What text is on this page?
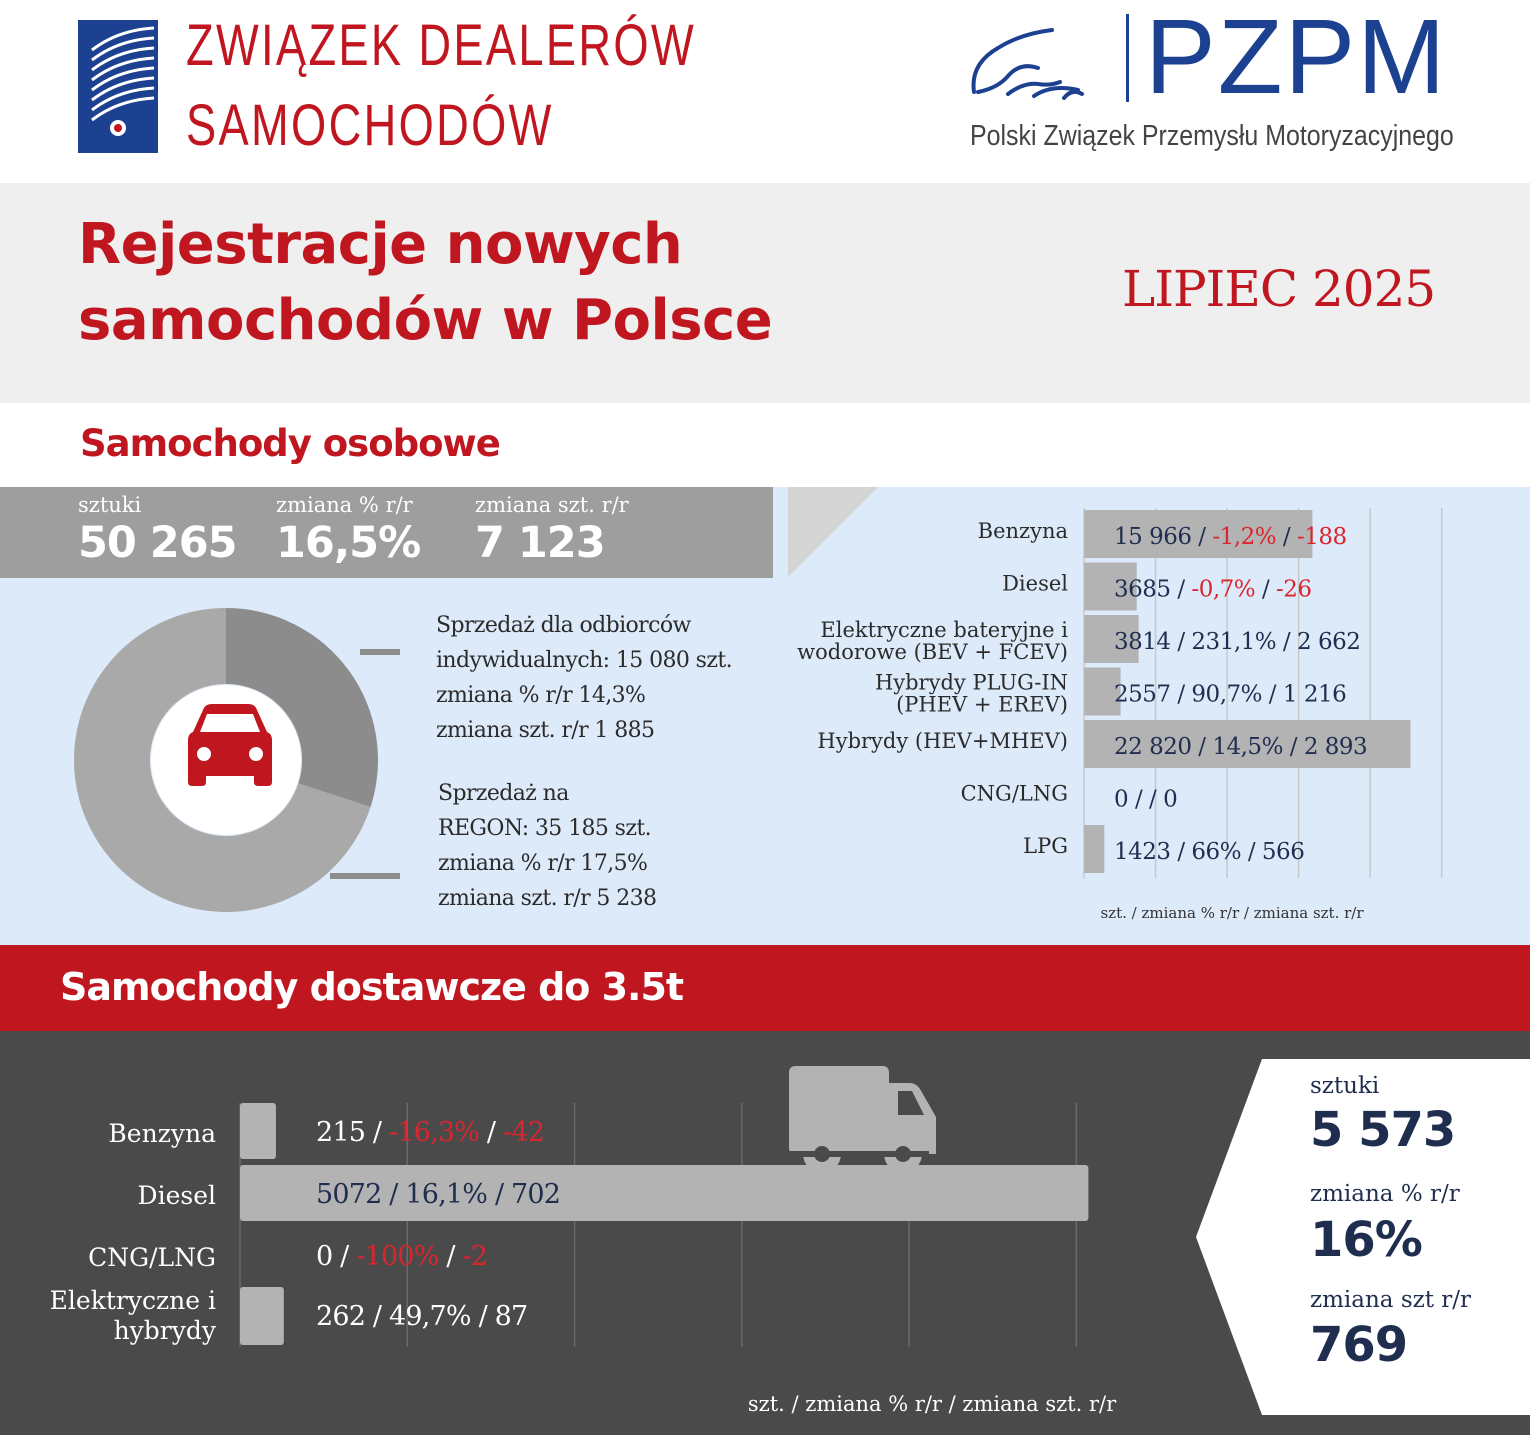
ZWIĄZEK DEALERÓW
SAMOCHODÓW
PZPM
Polski Związek Przemysłu Motoryzacyjnego
Rejestracje nowych
samochodów w Polsce	LIPIEC 2025
Samochody osobowe
sztuki
50 265
zmiana % r/r
16,5%
zmiana szt. r/r
7 123
Sprzedaż dla odbiorców
indywidualnych: 15 080 szt.
zmiana % r/r 14,3%
zmiana szt. r/r 1 885
Sprzedaż na
REGON: 35 185 szt.
zmiana % r/r 17,5%
zmiana szt. r/r 5 238
Benzyna
Diesel
Elektryczne bateryjne i wodorowe (BEV + FCEV)
Hybrydy PLUG-IN (PHEV + EREV)
Hybrydy (HEV+MHEV)
CNG/LNG
LPG
15 966 / -1,2% / -188
3685 / -0,7% / -26
3814 / 231,1% / 2 662
2557 / 90,7% / 1 216
22 820 / 14,5% / 2 893
0 / / 0
1423 / 66% / 566
szt. / zmiana % r/r / zmiana szt. r/r
Samochody dostawcze do 3.5t
Benzyna
Diesel
CNG/LNG
Elektryczne i hybrydy
215 / -16,3% / -42
5072 / 16,1% / 702
0 / -100% / -2
262 / 49,7% / 87
szt. / zmiana % r/r / zmiana szt. r/r
sztuki
5 573
zmiana % r/r
16%
zmiana szt r/r
769
